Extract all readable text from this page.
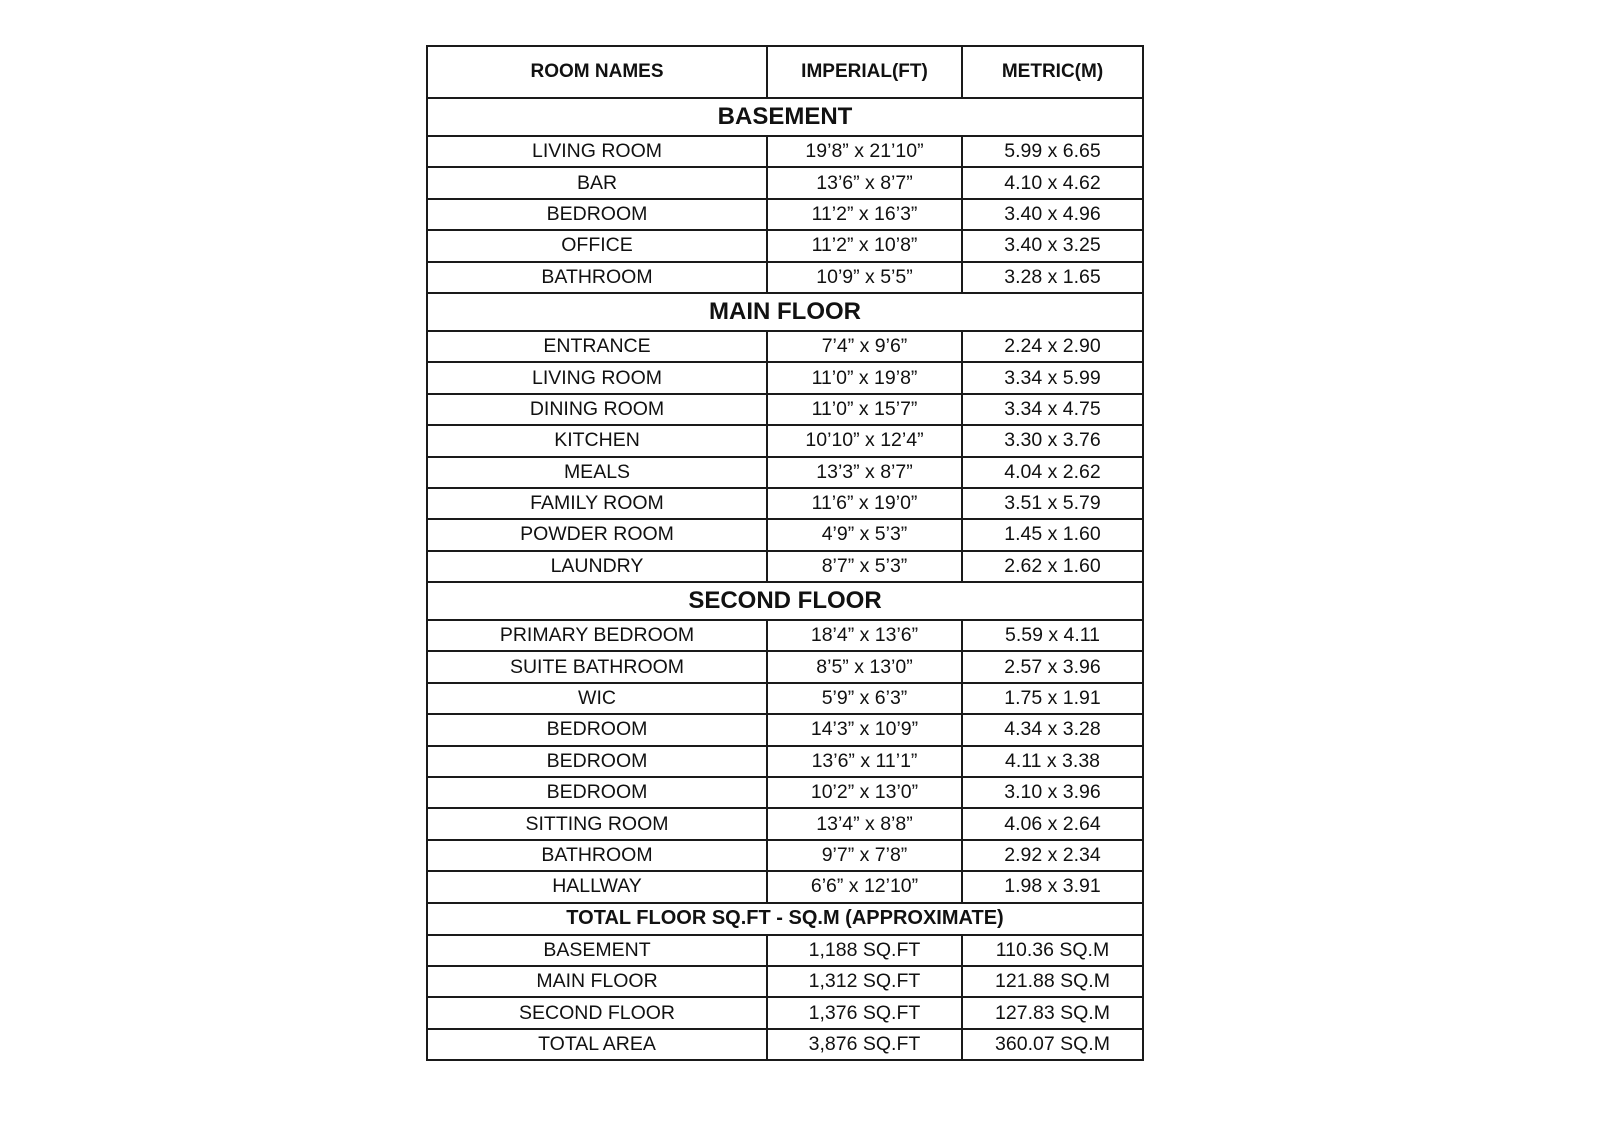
ROOM NAMES	IMPERIAL(FT)	METRIC(M)
BASEMENT		
LIVING ROOM	19’8” x 21’10”	5.99 x 6.65
BAR	13’6” x 8’7”	4.10 x 4.62
BEDROOM	11’2” x 16’3”	3.40 x 4.96
OFFICE	11’2” x 10’8”	3.40 x 3.25
BATHROOM	10’9” x 5’5”	3.28 x 1.65
MAIN FLOOR		
ENTRANCE	7’4” x 9’6”	2.24 x 2.90
LIVING ROOM	11’0” x 19’8”	3.34 x 5.99
DINING ROOM	11’0” x 15’7”	3.34 x 4.75
KITCHEN	10’10” x 12’4”	3.30 x 3.76
MEALS	13’3” x 8’7”	4.04 x 2.62
FAMILY ROOM	11’6” x 19’0”	3.51 x 5.79
POWDER ROOM	4’9” x 5’3”	1.45 x 1.60
LAUNDRY	8’7” x 5’3”	2.62 x 1.60
SECOND FLOOR		
PRIMARY BEDROOM	18’4” x 13’6”	5.59 x 4.11
SUITE BATHROOM	8’5” x 13’0”	2.57 x 3.96
WIC	5’9” x 6’3”	1.75 x 1.91
BEDROOM	14’3” x 10’9”	4.34 x 3.28
BEDROOM	13’6” x 11’1”	4.11 x 3.38
BEDROOM	10’2” x 13’0”	3.10 x 3.96
SITTING ROOM	13’4” x 8’8”	4.06 x 2.64
BATHROOM	9’7” x 7’8”	2.92 x 2.34
HALLWAY	6’6” x 12’10”	1.98 x 3.91
TOTAL FLOOR SQ.FT - SQ.M (APPROXIMATE)		
BASEMENT	1,188 SQ.FT	110.36 SQ.M
MAIN FLOOR	1,312 SQ.FT	121.88 SQ.M
SECOND FLOOR	1,376 SQ.FT	127.83 SQ.M
TOTAL AREA	3,876 SQ.FT	360.07 SQ.M
